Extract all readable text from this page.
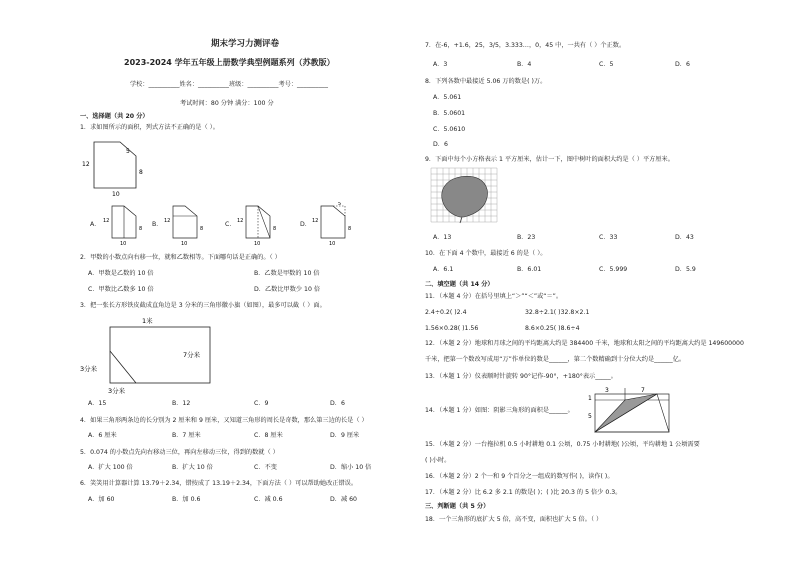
期末学习力测评卷
2023-2024 学年五年级上册数学典型例题系列（苏教版）
学校：__________姓名：__________班级：__________考号：__________
考试时间：80 分钟 满分：100 分
一、选择题（共 20 分）
1．求如图所示的面积，列式方法不正确的是（ ）。
12
5
8
10
A． 12
8
10
B． 12
8
10
C． 12
8
10
D． 12
5
8
10
2．甲数的小数点向右移一位，就和乙数相等。下面哪句话是正确的。（ ）
A．甲数是乙数的 10 倍	B．乙数是甲数的 10 倍
C．甲数比乙数多 10 倍	D．乙数比甲数少 10 倍
3．把一张长方形铁皮截成直角边是 3 分米的三角形徽小旗（如图），最多可以截（ ）面。
1米
7分米
3分米
3分米
A．15	B．12	C．9	D．6
4．如果三角形两条边的长分别为 2 厘米和 9 厘米，又知道三角形的周长是奇数，那么第三边的长是（ ）
A．6 厘米	B．7 厘米	C．8 厘米	D．9 厘米
5．0.074 的小数点先向右移动三位，再向左移动三位，得到的数就（ ）
A．扩大 100 倍	B．扩大 10 倍	C．不变	D．缩小 10 倍
6．笑笑用计算器计算 13.79＋2.34，错按成了 13.19＋2.34，下面方法（ ）可以帮助她改正错误。
A．加 60	B．加 0.6	C．减 0.6	D．减 60
7．在-6，+1.6，25，3/5，3.333…，0，45 中，一共有（ ）个正数。
A．3	B．4	C．5	D．6
8．下列各数中最接近 5.06 万的数是( )万。
A．5.061
B．5.0601
C．5.0610
D．6
9．下面中每个小方格表示 1 平方厘米，估计一下，图中树叶的面积大约是（ ）平方厘米。
A．13	B．23	C．33	D．43
10．在下面 4 个数中，最接近 6 的是（ ）。
A．6.1	B．6.01	C．5.999	D．5.9
二、填空题（共 14 分）
11．（本题 4 分）在括号里填上“＞”“＜”或“＝”。
2.4÷0.2( )2.4	32.8÷2.1( )32.8×2.1
1.56×0.28( )1.56	8.6×0.25( )8.6÷4
12．（本题 2 分）地球和月球之间的平均距离大约是 384400 千米，地球和太阳之间的平均距离大约是 149600000
千米，把第一个数改写成用“万”作单位的数是______，第二个数精确到十分位大约是______亿。
13．（本题 1 分）仪表顺时针旋转 90°记作-90°，+180°表示_____。
14．（本题 1 分）如图：阴影三角形的面积是______。
3	7
5
1
15．（本题 2 分）一台拖拉机 0.5 小时耕地 0.1 公顷，0.75 小时耕地( )公顷，平均耕地 1 公顷需要
( )小时。
16．（本题 2 分）2 个一和 9 个百分之一组成的数写作( )，读作( )。
17．（本题 2 分）比 6.2 多 2.1 的数是( )；( )比 20.3 的 5 倍少 0.3。
三、判断题（共 5 分）
18．一个三角形的底扩大 5 倍，高不变，面积也扩大 5 倍。（ ）
